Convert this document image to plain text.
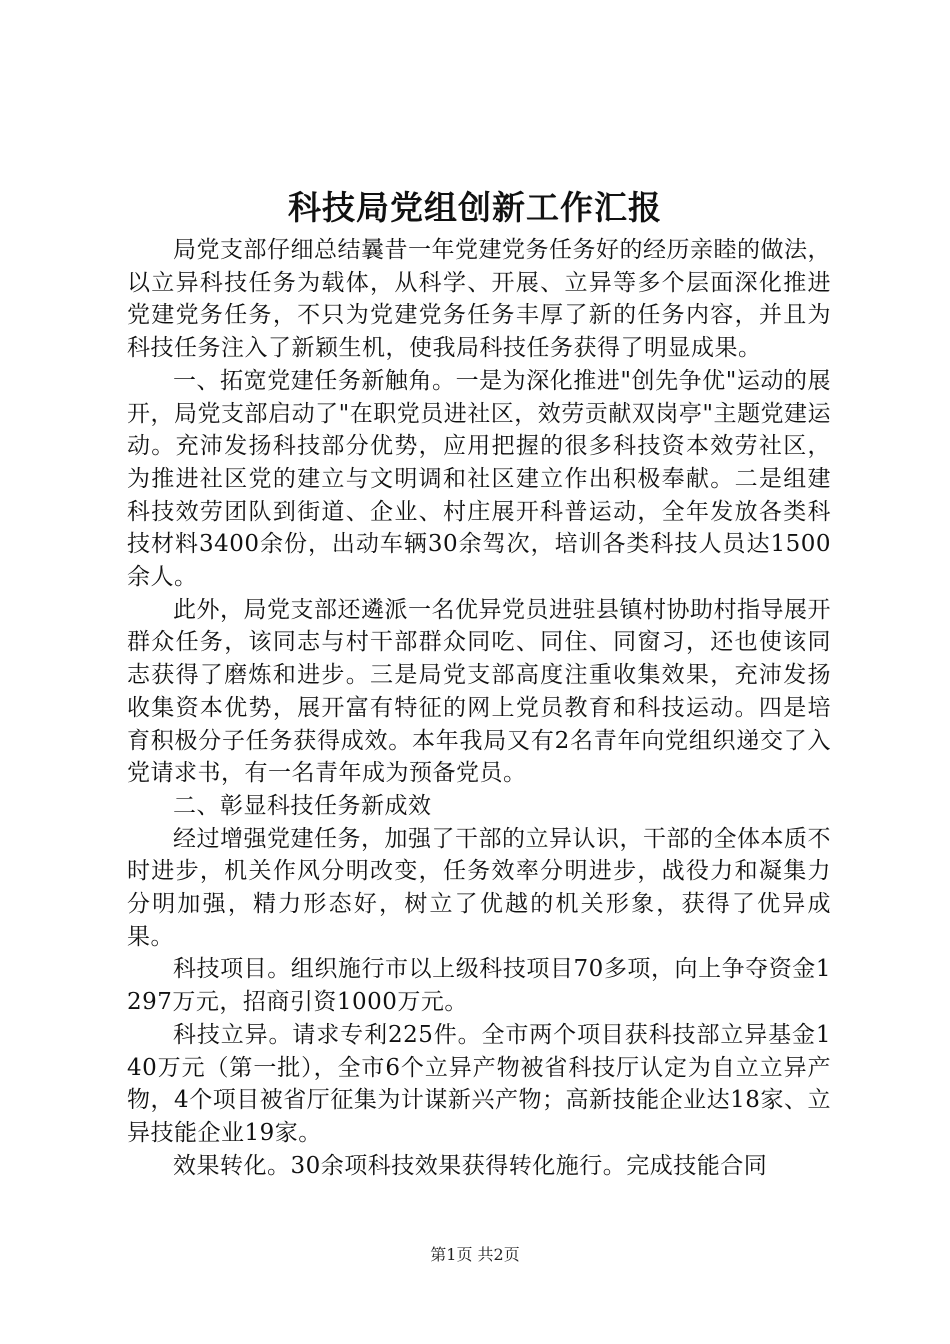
科技局党组创新工作汇报

局党支部仔细总结曩昔一年党建党务任务好的经历亲睦的做法，以立异科技任务为载体，从科学、开展、立异等多个层面深化推进党建党务任务，不只为党建党务任务丰厚了新的任务内容，并且为科技任务注入了新颖生机，使我局科技任务获得了明显成果。

一、拓宽党建任务新触角。一是为深化推进"创先争优"运动的展开，局党支部启动了"在职党员进社区，效劳贡献双岗亭"主题党建运动。充沛发扬科技部分优势，应用把握的很多科技资本效劳社区，为推进社区党的建立与文明调和社区建立作出积极奉献。二是组建科技效劳团队到街道、企业、村庄展开科普运动，全年发放各类科技材料3400余份，出动车辆30余驾次，培训各类科技人员达1500余人。

此外，局党支部还遴派一名优异党员进驻县镇村协助村指导展开群众任务，该同志与村干部群众同吃、同住、同窗习，还也使该同志获得了磨炼和进步。三是局党支部高度注重收集效果，充沛发扬收集资本优势，展开富有特征的网上党员教育和科技运动。四是培育积极分子任务获得成效。本年我局又有2名青年向党组织递交了入党请求书，有一名青年成为预备党员。

二、彰显科技任务新成效

经过增强党建任务，加强了干部的立异认识，干部的全体本质不时进步，机关作风分明改变，任务效率分明进步，战役力和凝集力分明加强，精力形态好，树立了优越的机关形象，获得了优异成果。

科技项目。组织施行市以上级科技项目70多项，向上争夺资金1297万元，招商引资1000万元。

科技立异。请求专利225件。全市两个项目获科技部立异基金140万元（第一批），全市6个立异产物被省科技厅认定为自立立异产物，4个项目被省厅征集为计谋新兴产物；高新技能企业达18家、立异技能企业19家。

效果转化。30余项科技效果获得转化施行。完成技能合同

第1页 共2页
